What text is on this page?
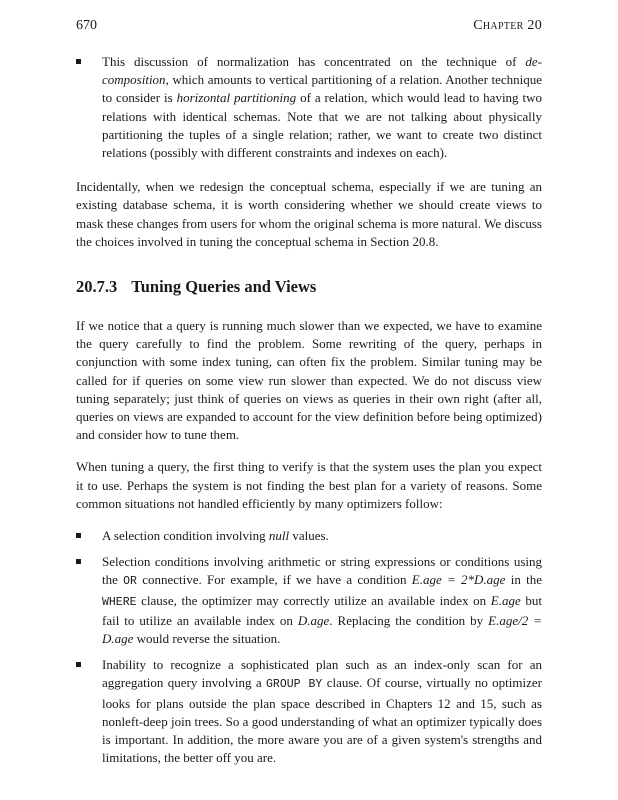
670	Chapter 20
This discussion of normalization has concentrated on the technique of de-composition, which amounts to vertical partitioning of a relation. Another technique to consider is horizontal partitioning of a relation, which would lead to having two relations with identical schemas. Note that we are not talking about physically partitioning the tuples of a single relation; rather, we want to create two distinct relations (possibly with different constraints and indexes on each).

Incidentally, when we redesign the conceptual schema, especially if we are tuning an existing database schema, it is worth considering whether we should create views to mask these changes from users for whom the original schema is more natural. We discuss the choices involved in tuning the conceptual schema in Section 20.8.

20.7.3 Tuning Queries and Views

If we notice that a query is running much slower than we expected, we have to examine the query carefully to find the problem. Some rewriting of the query, perhaps in conjunction with some index tuning, can often fix the problem. Similar tuning may be called for if queries on some view run slower than expected. We do not discuss view tuning separately; just think of queries on views as queries in their own right (after all, queries on views are expanded to account for the view definition before being optimized) and consider how to tune them.

When tuning a query, the first thing to verify is that the system uses the plan you expect it to use. Perhaps the system is not finding the best plan for a variety of reasons. Some common situations not handled efficiently by many optimizers follow:

A selection condition involving null values.
Selection conditions involving arithmetic or string expressions or conditions using the OR connective. For example, if we have a condition E.age = 2*D.age in the WHERE clause, the optimizer may correctly utilize an available index on E.age but fail to utilize an available index on D.age. Replacing the condition by E.age/2 = D.age would reverse the situation.
Inability to recognize a sophisticated plan such as an index-only scan for an aggregation query involving a GROUP BY clause. Of course, virtually no optimizer looks for plans outside the plan space described in Chapters 12 and 15, such as nonleft-deep join trees. So a good understanding of what an optimizer typically does is important. In addition, the more aware you are of a given system's strengths and limitations, the better off you are.
